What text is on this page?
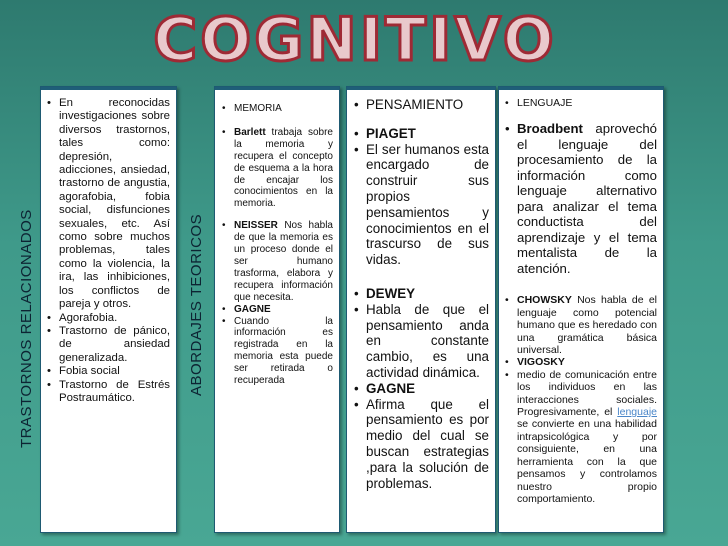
COGNITIVO
TRASTORNOS RELACIONADOS	ABORDAJES TEORICOS
• En reconocidas investigaciones sobre diversos trastornos, tales como: depresión, adicciones, ansiedad, trastorno de angustia, agorafobia, fobia social, disfunciones sexuales, etc. Así como sobre muchos problemas, tales como la violencia, la ira, las inhibiciones, los conflictos de pareja y otros.
• Agorafobia.
• Trastorno de pánico, de ansiedad generalizada.
• Fobia social
• Trastorno de Estrés Postraumático.
• MEMORIA
• Barlett trabaja sobre la memoria y recupera el concepto de esquema a la hora de encajar los conocimientos en la memoria.
• NEISSER Nos habla de que la memoria es un proceso donde el ser humano trasforma, elabora y recupera información que necesita.
• GAGNE
• Cuando la información es registrada en la memoria esta puede ser retirada o recuperada
• PENSAMIENTO
• PIAGET
• El ser humanos esta encargado de construir sus propios pensamientos y conocimientos en el trascurso de sus vidas.
• DEWEY
• Habla de que el pensamiento anda en constante cambio, es una actividad dinámica.
• GAGNE
• Afirma que el pensamiento es por medio del cual se buscan estrategias ,para la solución de problemas.
• LENGUAJE
• Broadbent aprovechó el lenguaje del procesamiento de la información como lenguaje alternativo para analizar el tema conductista del aprendizaje y el tema mentalista de la atención.
• CHOWSKY Nos habla de el lenguaje como potencial humano que es heredado con una gramática básica universal.
• VIGOSKY
• medio de comunicación entre los individuos en las interacciones sociales. Progresivamente, el lenguaje se convierte en una habilidad intrapsicológica y por consiguiente, en una herramienta con la que pensamos y controlamos nuestro propio comportamiento.
